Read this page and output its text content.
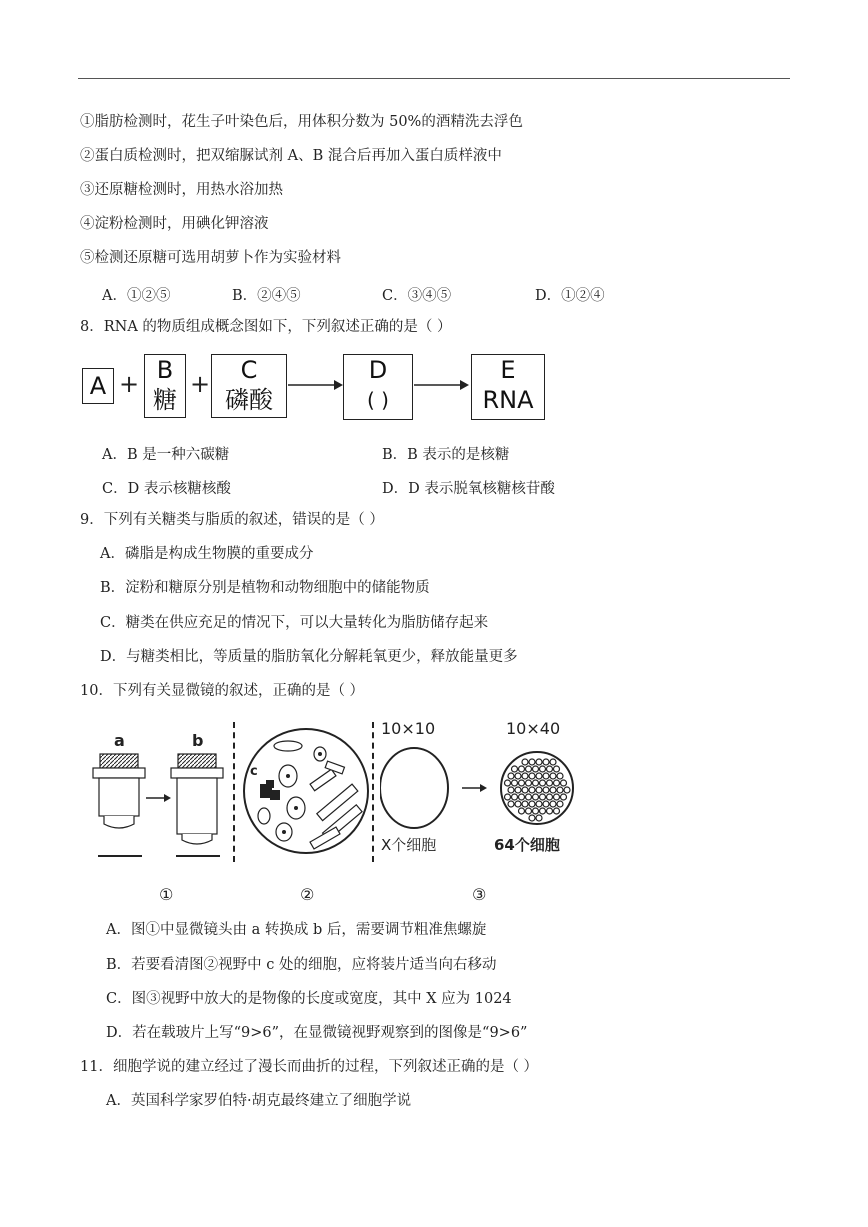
①脂肪检测时，花生子叶染色后，用体积分数为 50%的酒精洗去浮色
②蛋白质检测时，把双缩脲试剂 A、B 混合后再加入蛋白质样液中
③还原糖检测时，用热水浴加热
④淀粉检测时，用碘化钾溶液
⑤检测还原糖可选用胡萝卜作为实验材料
A．①②⑤	B．②④⑤	C．③④⑤	D．①②④
8．RNA 的物质组成概念图如下，下列叙述正确的是（ ）
A + B
糖
+	C
磷酸
D
( )
E
RNA
A．B 是一种六碳糖	B．B 表示的是核糖
C．D 表示核糖核酸	D．D 表示脱氧核糖核苷酸
9．下列有关糖类与脂质的叙述，错误的是（ ）
A．磷脂是构成生物膜的重要成分
B．淀粉和糖原分别是植物和动物细胞中的储能物质
C．糖类在供应充足的情况下，可以大量转化为脂肪储存起来
D．与糖类相比，等质量的脂肪氧化分解耗氧更少，释放能量更多
10．下列有关显微镜的叙述，正确的是（ ）
a	b
c
10×10	10×40
X个细胞	64个细胞
①	②	③
A．图①中显微镜头由 a 转换成 b 后，需要调节粗准焦螺旋
B．若要看清图②视野中 c 处的细胞，应将装片适当向右移动
C．图③视野中放大的是物像的长度或宽度，其中 X 应为 1024
D．若在载玻片上写“9>6”，在显微镜视野观察到的图像是“9>6”
11．细胞学说的建立经过了漫长而曲折的过程，下列叙述正确的是（ ）
A．英国科学家罗伯特·胡克最终建立了细胞学说
